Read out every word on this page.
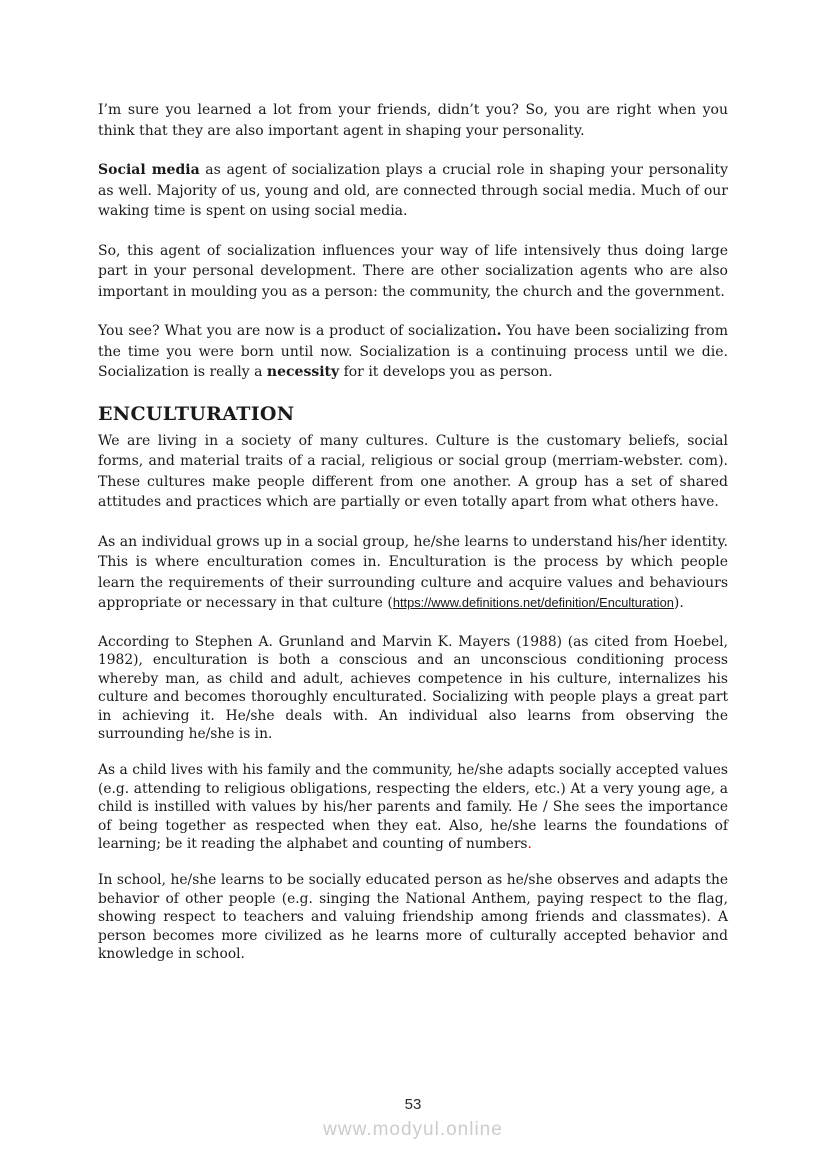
I’m sure you learned a lot from your friends, didn’t you? So, you are right when you think that they are also important agent in shaping your personality.

Social media as agent of socialization plays a crucial role in shaping your personality as well. Majority of us, young and old, are connected through social media. Much of our waking time is spent on using social media.

So, this agent of socialization influences your way of life intensively thus doing large part in your personal development. There are other socialization agents who are also important in moulding you as a person: the community, the church and the government.

You see? What you are now is a product of socialization. You have been socializing from the time you were born until now. Socialization is a continuing process until we die. Socialization is really a necessity for it develops you as person.

ENCULTURATION

We are living in a society of many cultures. Culture is the customary beliefs, social forms, and material traits of a racial, religious or social group (merriam-webster. com). These cultures make people different from one another. A group has a set of shared attitudes and practices which are partially or even totally apart from what others have.

As an individual grows up in a social group, he/she learns to understand his/her identity. This is where enculturation comes in. Enculturation is the process by which people learn the requirements of their surrounding culture and acquire values and behaviours appropriate or necessary in that culture (https://www.definitions.net/definition/Enculturation).

According to Stephen A. Grunland and Marvin K. Mayers (1988) (as cited from Hoebel, 1982), enculturation is both a conscious and an unconscious conditioning process whereby man, as child and adult, achieves competence in his culture, internalizes his culture and becomes thoroughly enculturated. Socializing with people plays a great part in achieving it. He/she deals with. An individual also learns from observing the surrounding he/she is in.

As a child lives with his family and the community, he/she adapts socially accepted values (e.g. attending to religious obligations, respecting the elders, etc.) At a very young age, a child is instilled with values by his/her parents and family. He / She sees the importance of being together as respected when they eat. Also, he/she learns the foundations of learning; be it reading the alphabet and counting of numbers.

In school, he/she learns to be socially educated person as he/she observes and adapts the behavior of other people (e.g. singing the National Anthem, paying respect to the flag, showing respect to teachers and valuing friendship among friends and classmates). A person becomes more civilized as he learns more of culturally accepted behavior and knowledge in school.

53
www.modyul.online
